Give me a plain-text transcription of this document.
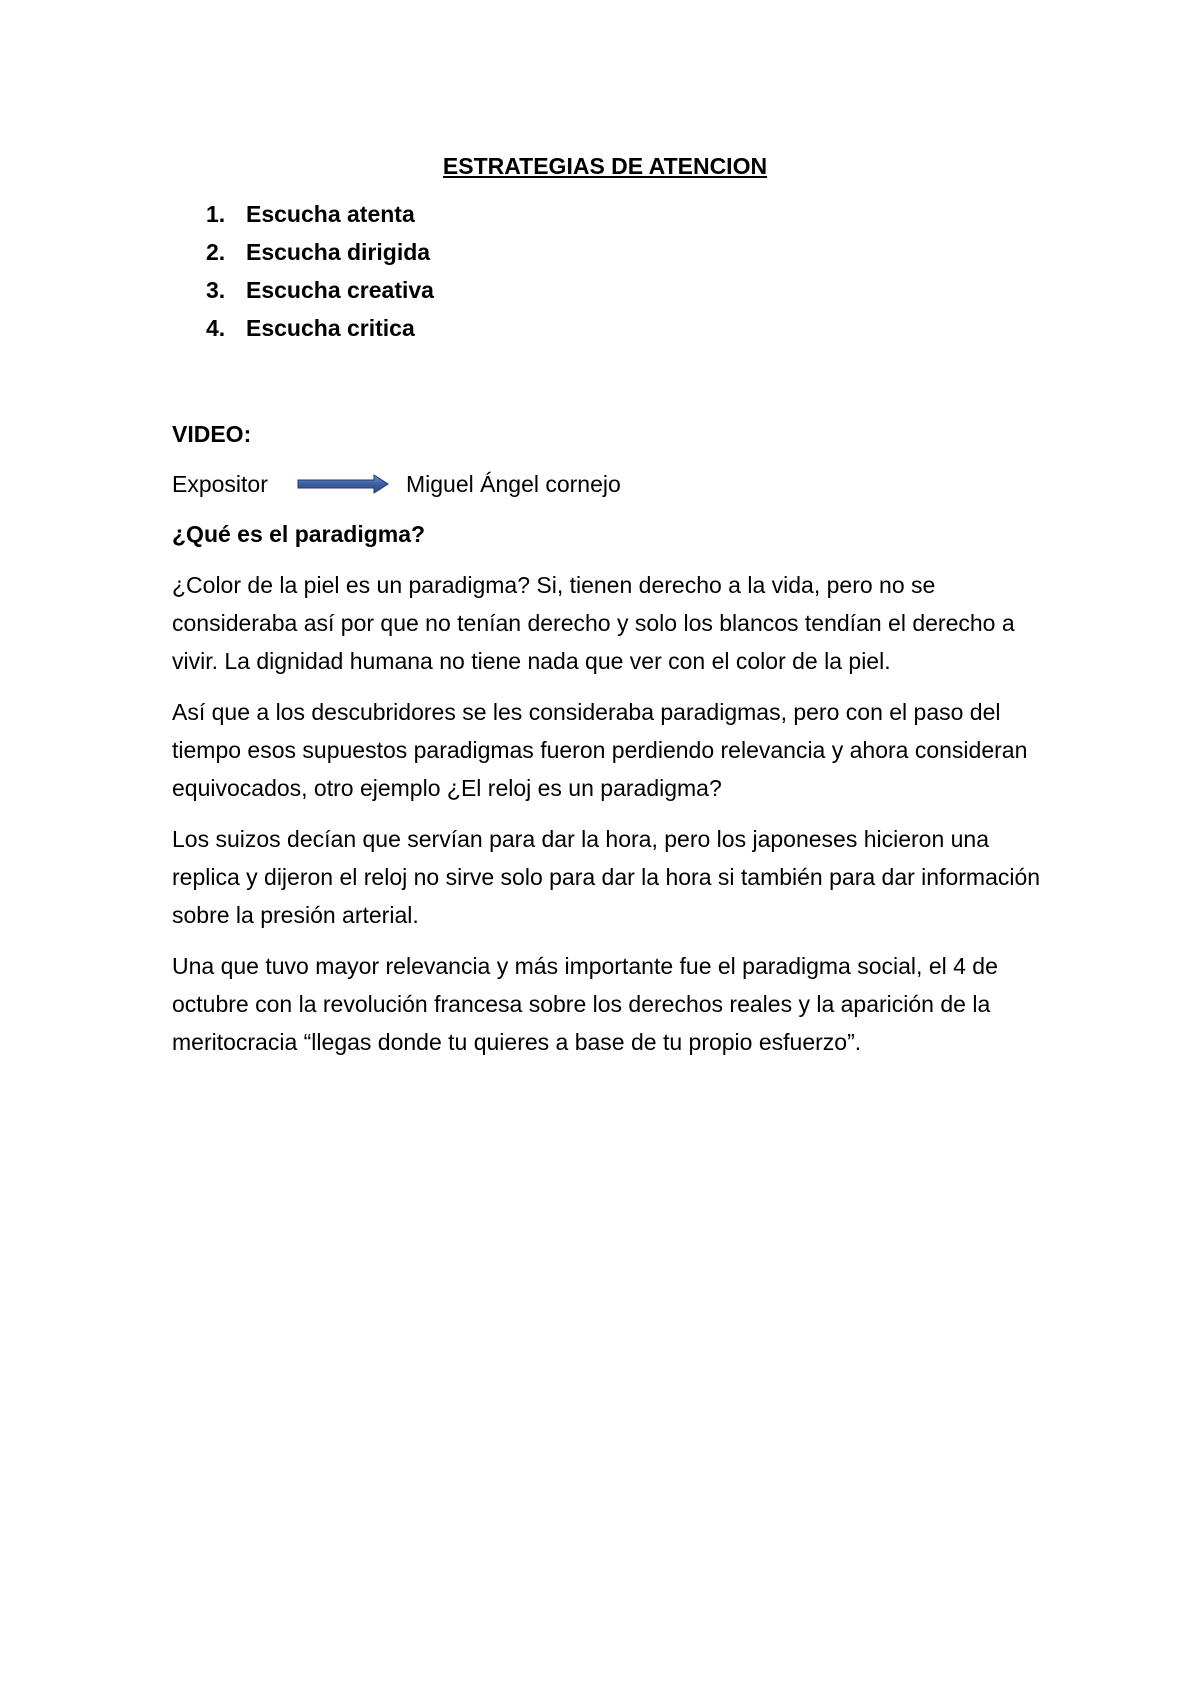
ESTRATEGIAS DE ATENCION
1. Escucha atenta
2. Escucha dirigida
3. Escucha creativa
4. Escucha critica
VIDEO:
Expositor	Miguel Ángel cornejo
¿Qué es el paradigma?

¿Color de la piel es un paradigma? Si, tienen derecho a la vida, pero no se consideraba así por que no tenían derecho y solo los blancos tendían el derecho a vivir. La dignidad humana no tiene nada que ver con el color de la piel.

Así que a los descubridores se les consideraba paradigmas, pero con el paso del tiempo esos supuestos paradigmas fueron perdiendo relevancia y ahora consideran equivocados, otro ejemplo ¿El reloj es un paradigma?

Los suizos decían que servían para dar la hora, pero los japoneses hicieron una replica y dijeron el reloj no sirve solo para dar la hora si también para dar información sobre la presión arterial.

Una que tuvo mayor relevancia y más importante fue el paradigma social, el 4 de octubre con la revolución francesa sobre los derechos reales y la aparición de la meritocracia “llegas donde tu quieres a base de tu propio esfuerzo”.
